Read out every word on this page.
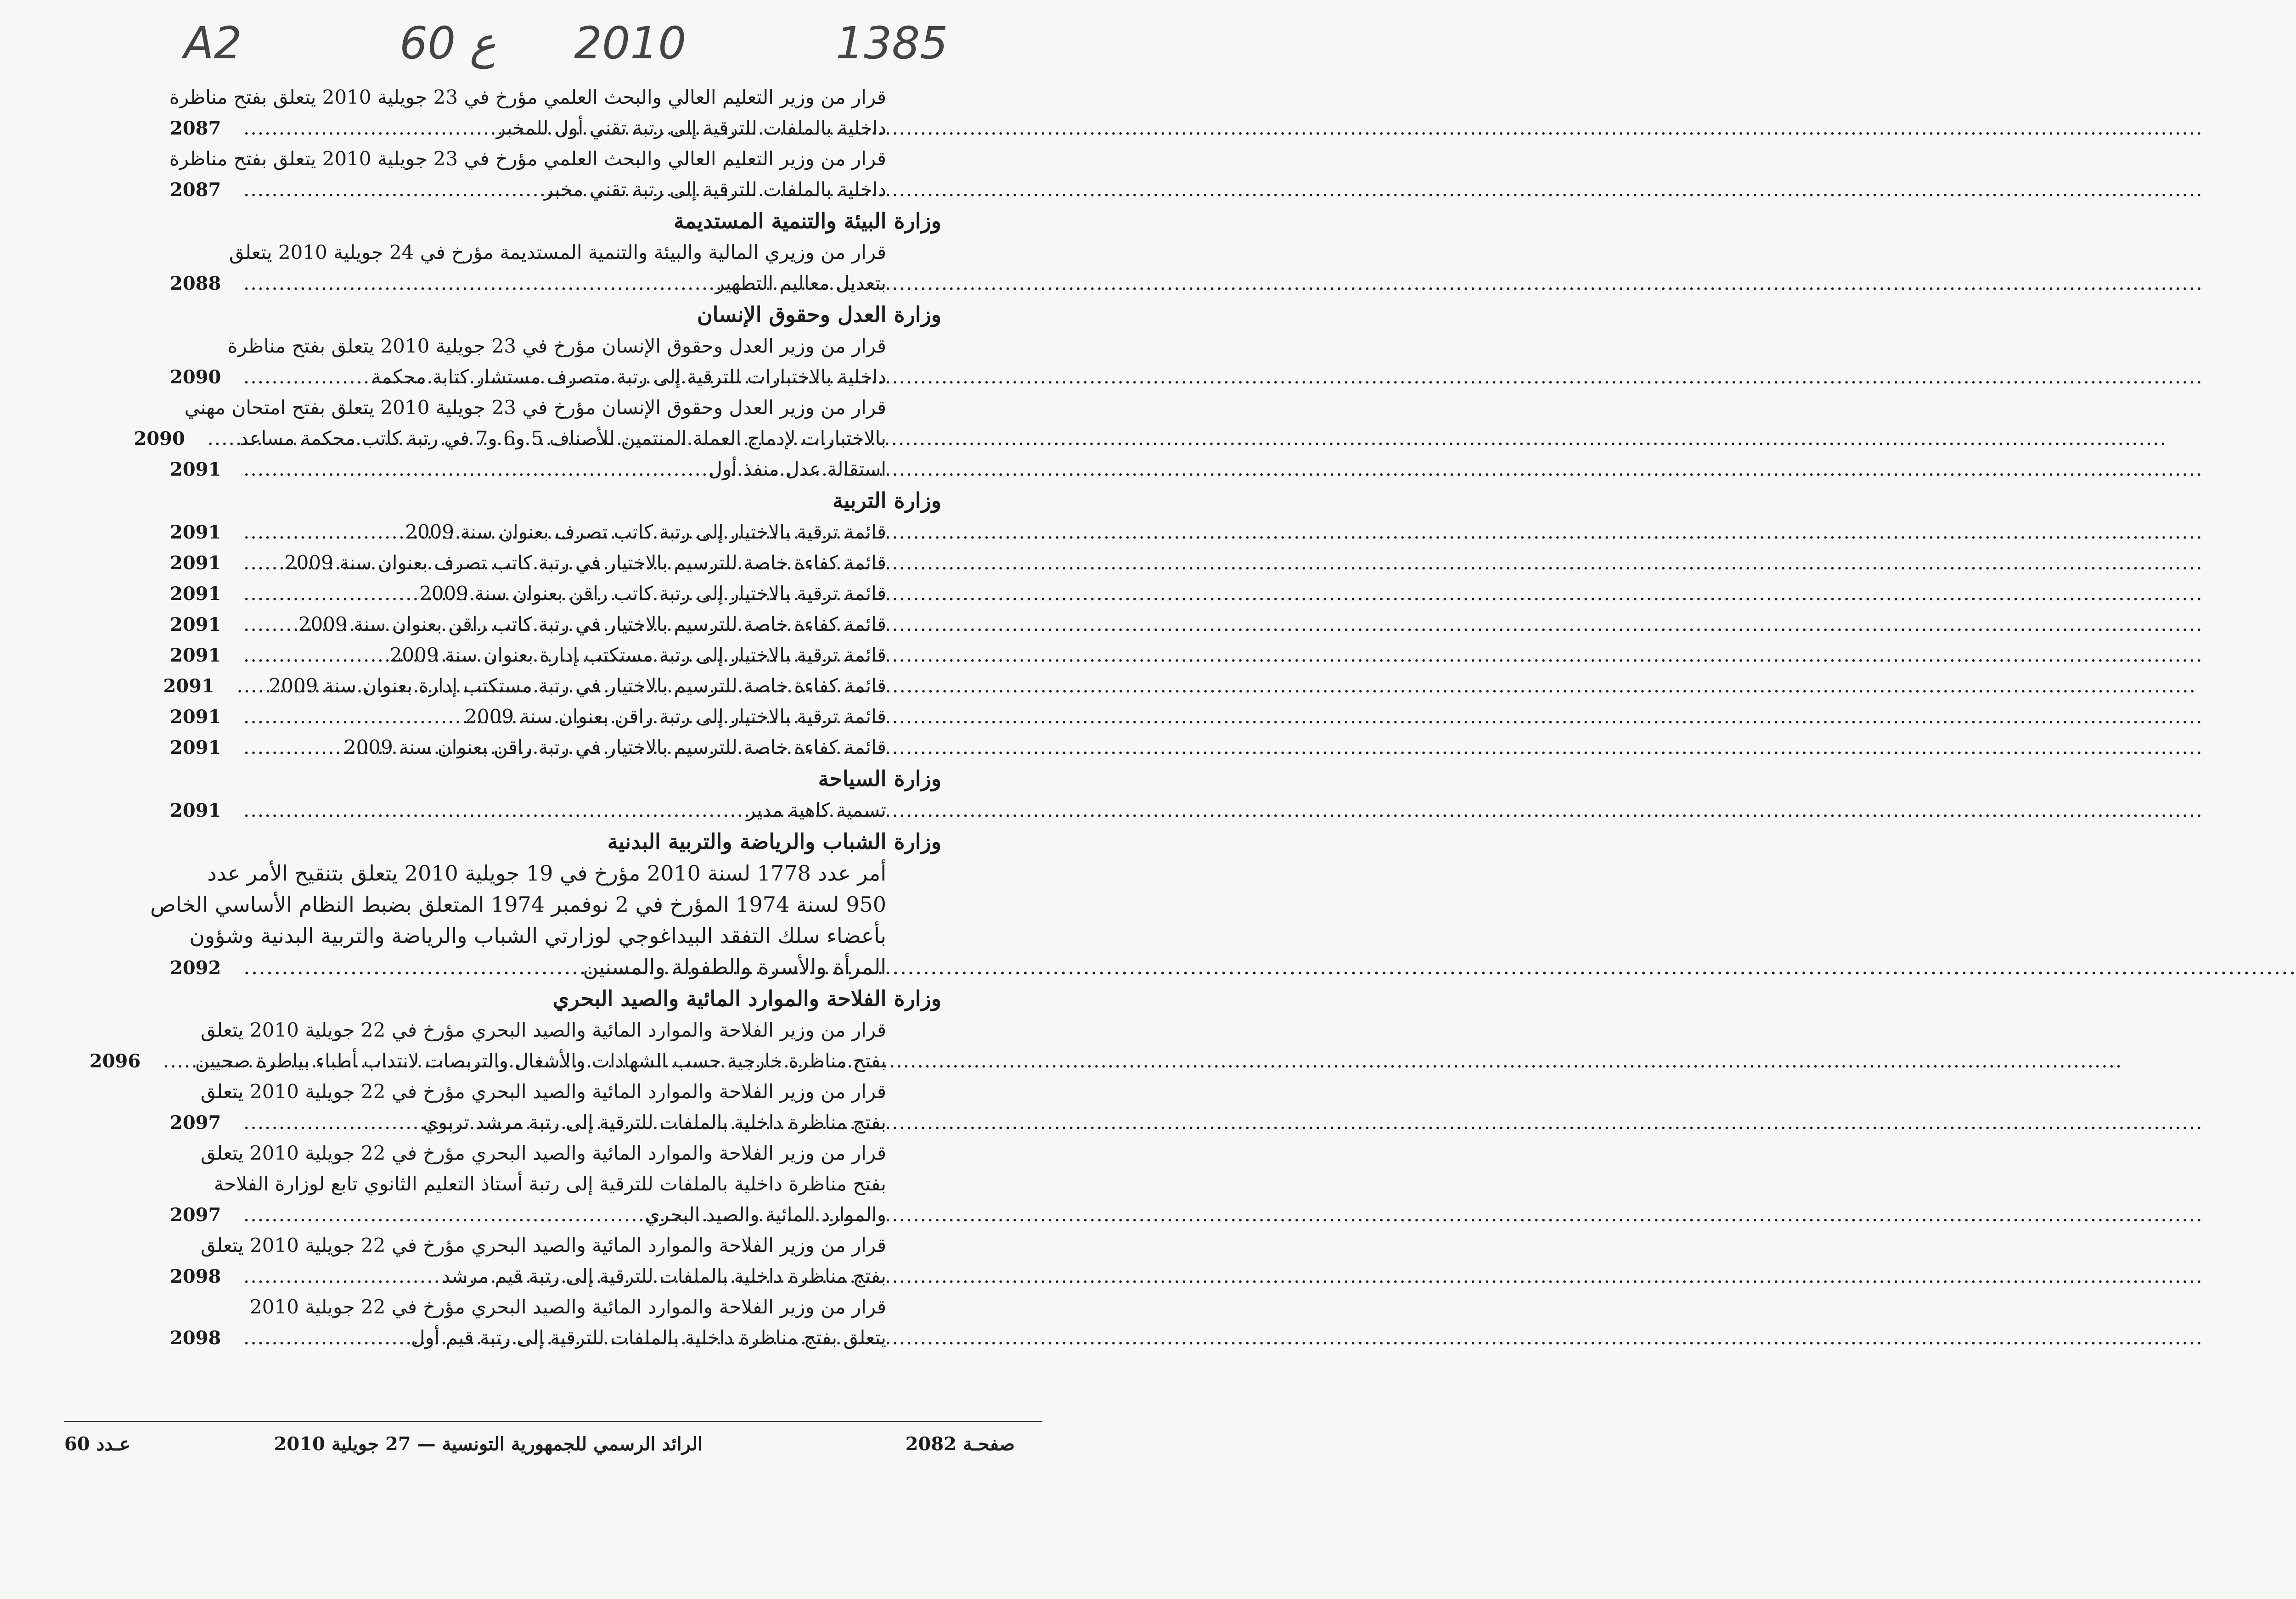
A2	60 ع 2010	1385
قرار من وزير التعليم العالي والبحث العلمي مؤرخ في 23 جويلية 2010 يتعلق بفتح مناظرة
داخلية بالملفات للترقية إلى رتبة تقني أول للمخبر
.....
2087
قرار من وزير التعليم العالي والبحث العلمي مؤرخ في 23 جويلية 2010 يتعلق بفتح مناظرة
داخلية بالملفات للترقية إلى رتبة تقني مخبر
.....
2087
وزارة البيئة والتنمية المستديمة
قرار من وزيري المالية والبيئة والتنمية المستديمة مؤرخ في 24 جويلية 2010 يتعلق
بتعديل معاليم التطهير
.....
2088
وزارة العدل وحقوق الإنسان
قرار من وزير العدل وحقوق الإنسان مؤرخ في 23 جويلية 2010 يتعلق بفتح مناظرة
داخلية بالاختبارات للترقية إلى رتبة متصرف مستشار كتابة محكمة
.....
2090
قرار من وزير العدل وحقوق الإنسان مؤرخ في 23 جويلية 2010 يتعلق بفتح امتحان مهني
بالاختبارات لإدماج العملة المنتمين للأصناف 5 و6 و7 في رتبة كاتب محكمة مساعد
.....
2090
استقالة عدل منفذ أول
.....
2091
وزارة التربية
قائمة ترقية بالاختيار إلى رتبة كاتب تصرف بعنوان سنة 2009
.....
2091
قائمة كفاءة خاصة للترسيم بالاختيار في رتبة كاتب تصرف بعنوان سنة 2009
.....
2091
قائمة ترقية بالاختيار إلى رتبة كاتب راقن بعنوان سنة 2009
.....
2091
قائمة كفاءة خاصة للترسيم بالاختيار في رتبة كاتب راقن بعنوان سنة 2009
.....
2091
قائمة ترقية بالاختيار إلى رتبة مستكتب إدارة بعنوان سنة 2009
.....
2091
قائمة كفاءة خاصة للترسيم بالاختيار في رتبة مستكتب إدارة بعنوان سنة 2009
.....
2091
قائمة ترقية بالاختيار إلى رتبة راقن بعنوان سنة 2009
.....
2091
قائمة كفاءة خاصة للترسيم بالاختيار في رتبة راقن بعنوان سنة 2009
.....
2091
وزارة السياحة
تسمية كاهية مدير
.....
2091
وزارة الشباب والرياضة والتربية البدنية
أمر عدد 1778 لسنة 2010 مؤرخ في 19 جويلية 2010 يتعلق بتنقيح الأمر عدد
950 لسنة 1974 المؤرخ في 2 نوفمبر 1974 المتعلق بضبط النظام الأساسي الخاص
بأعضاء سلك التفقد البيداغوجي لوزارتي الشباب والرياضة والتربية البدنية وشؤون
المرأة والأسرة والطفولة والمسنين
.....
2092
وزارة الفلاحة والموارد المائية والصيد البحري
قرار من وزير الفلاحة والموارد المائية والصيد البحري مؤرخ في 22 جويلية 2010 يتعلق
بفتح مناظرة خارجية حسب الشهادات والأشغال والتربصات لانتداب أطباء بياطرة صحيين
.....
2096
قرار من وزير الفلاحة والموارد المائية والصيد البحري مؤرخ في 22 جويلية 2010 يتعلق
بفتح مناظرة داخلية بالملفات للترقية إلى رتبة مرشد تربوي
.....
2097
قرار من وزير الفلاحة والموارد المائية والصيد البحري مؤرخ في 22 جويلية 2010 يتعلق
بفتح مناظرة داخلية بالملفات للترقية إلى رتبة أستاذ التعليم الثانوي تابع لوزارة الفلاحة
والموارد المائية والصيد البحري
.....
2097
قرار من وزير الفلاحة والموارد المائية والصيد البحري مؤرخ في 22 جويلية 2010 يتعلق
بفتح مناظرة داخلية بالملفات للترقية إلى رتبة قيم مرشد
.....
2098
قرار من وزير الفلاحة والموارد المائية والصيد البحري مؤرخ في 22 جويلية 2010
يتعلق بفتح مناظرة داخلية بالملفات للترقية إلى رتبة قيم أول
.....
2098
صفحـة 2082
الرائد الرسمي للجمهورية التونسية — 27 جويلية 2010
عـدد 60
